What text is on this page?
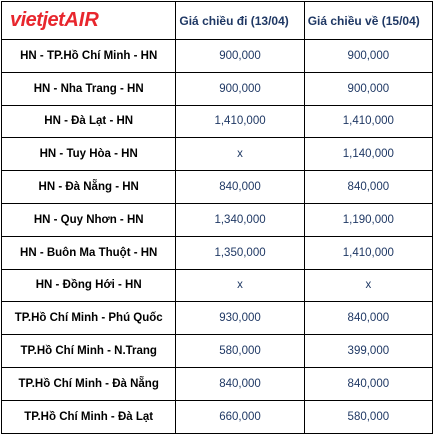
vietjetAIR	Giá chiều đi (13/04)	Giá chiều về (15/04)
HN - TP.Hồ Chí Minh - HN	900,000	900,000
HN - Nha Trang - HN	900,000	900,000
HN - Đà Lạt - HN	1,410,000	1,410,000
HN - Tuy Hòa - HN	x	1,140,000
HN - Đà Nẵng - HN	840,000	840,000
HN - Quy Nhơn - HN	1,340,000	1,190,000
HN - Buôn Ma Thuột - HN	1,350,000	1,410,000
HN - Đồng Hới - HN	x	x
TP.Hồ Chí Minh - Phú Quốc	930,000	840,000
TP.Hồ Chí Minh - N.Trang	580,000	399,000
TP.Hồ Chí Minh - Đà Nẵng	840,000	840,000
TP.Hồ Chí Minh - Đà Lạt	660,000	580,000
